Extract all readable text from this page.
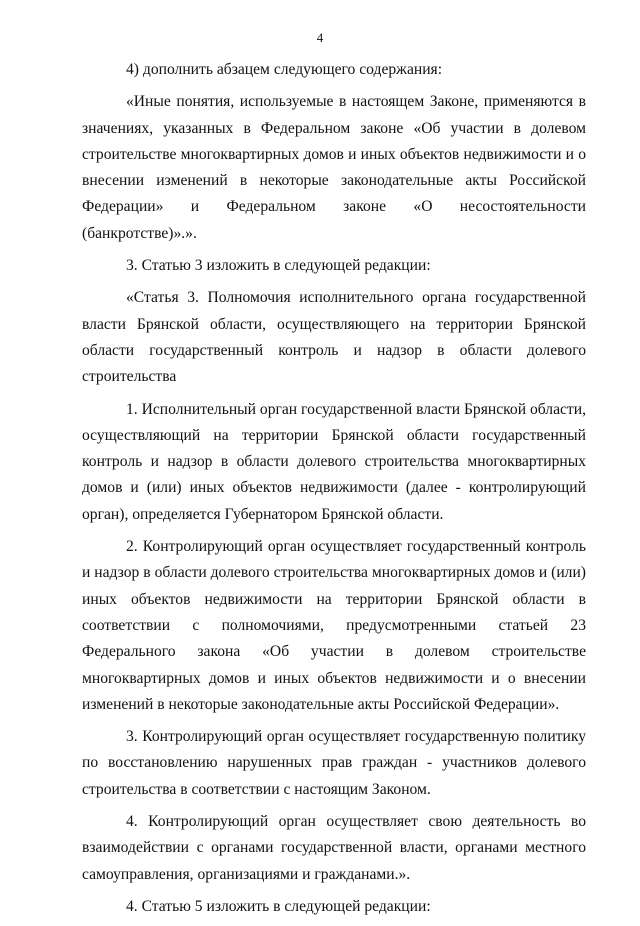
4

4) дополнить абзацем следующего содержания:

«Иные понятия, используемые в настоящем Законе, применяются в значениях, указанных в Федеральном законе «Об участии в долевом строительстве многоквартирных домов и иных объектов недвижимости и о внесении изменений в некоторые законодательные акты Российской Федерации» и Федеральном законе «О несостоятельности (банкротстве)».».

3. Статью 3 изложить в следующей редакции:

«Статья 3. Полномочия исполнительного органа государственной власти Брянской области, осуществляющего на территории Брянской области государственный контроль и надзор в области долевого строительства

1. Исполнительный орган государственной власти Брянской области, осуществляющий на территории Брянской области государственный контроль и надзор в области долевого строительства многоквартирных домов и (или) иных объектов недвижимости (далее - контролирующий орган), определяется Губернатором Брянской области.

2. Контролирующий орган осуществляет государственный контроль и надзор в области долевого строительства многоквартирных домов и (или) иных объектов недвижимости на территории Брянской области в соответствии с полномочиями, предусмотренными статьей 23 Федерального закона «Об участии в долевом строительстве многоквартирных домов и иных объектов недвижимости и о внесении изменений в некоторые законодательные акты Российской Федерации».

3. Контролирующий орган осуществляет государственную политику по восстановлению нарушенных прав граждан - участников долевого строительства в соответствии с настоящим Законом.

4. Контролирующий орган осуществляет свою деятельность во взаимодействии с органами государственной власти, органами местного самоуправления, организациями и гражданами.».

4. Статью 5 изложить в следующей редакции:
